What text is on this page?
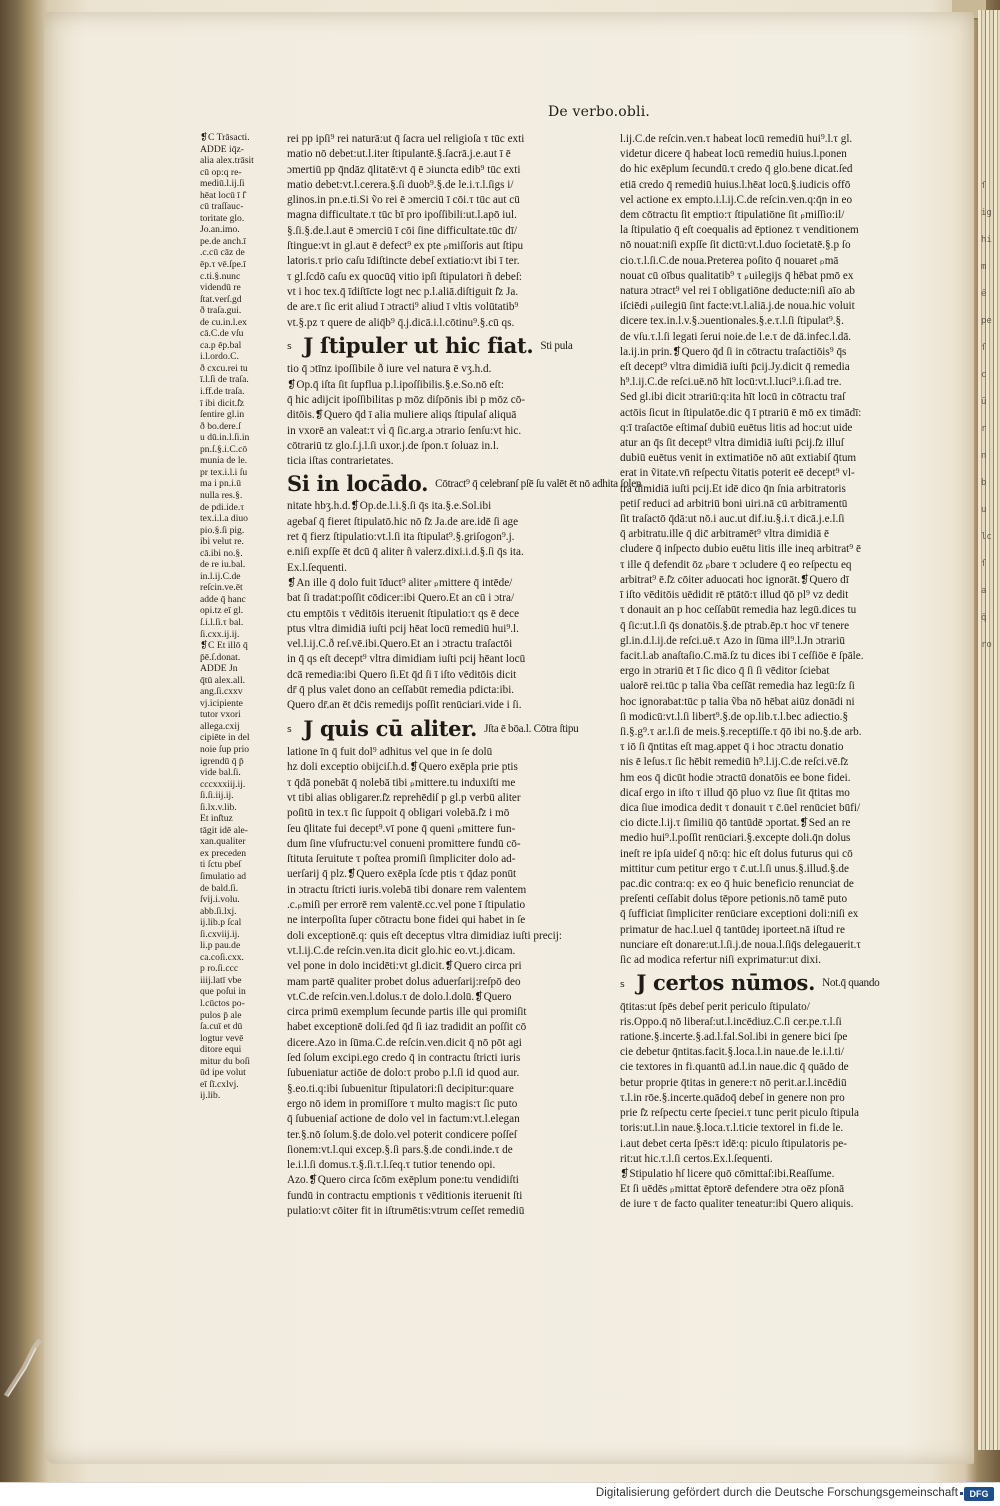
ſ
ig
hi
m
ē
pe
ſ
c
ū
r
n
b
u
lc
ſ
a
q̄
ro
De verbo.obli.

❡C Trāsacti.

ADDE iq̄z-

alia alex.trāsit

cū op:q re-

mediū.l.ij.ſi

hēat locū ī ſ̄

cū traſſauc-

toritate glo.

Jo.an.imo.

pe.de anch.ī

.c.cū cāz de

ēp.τ vē.ſpe.ī

c.ti.§.nunc

videndū re

ſtat.verſ.gd

ð traſa.gui.

de cu.in.l.ex

cā.C.de vſu

ca.p ēp.bal

i.l.ordo.C.

ð cxcu.rei tu

ī.l.ſi de traſa.

i.ff.de traſa.

ī ibi dicit.ſ̄z

ſentire gl.in

ð bo.dere.ſ

u dū.in.l.ſi.in

pn.ſ.§.i.C.cō

munia de le.

pr tex.i.l.i ſu

ma i pn.i.ū

nulla res.§.

de pdi.ide.τ

tex.i.l.a diuo

pio.§.ſi pig.

ibi velut re.

cā.ibi no.§.

de re iu.bal.

in.l.ij.C.de

reſcin.ve.ēt

adde q̄ hanc

opi.tz eī gl.

ſ.i.l.ſi.τ bal.

ſi.cxx.ij.ij.

❡C Et illō q̄

p̄ē.ſ.donat.

ADDE Jn

q̄tū alex.all.

ang.ſi.cxxv

vj.icipiente

tutor vxori

allega.cxij

cipiēte in del

noie ſup prio

igrendū q̄ p̄

vide bal.ſi.

cccxxxiij.ij.

ſi.ſi.iij.ij.

ſi.lx.v.lib.

Et inſ̄tuz

tāgit idē ale-

xan.qualiter

ex preceden

ti ſctu pbeſ

ſimulatio ad

de bald.ſi.

ſvij.i.volu.

abb.ſi.lxj.

ij.lib.p ſcal

ſi.cxviij.ij.

li.p pau.de

ca.coſi.cxx.

p ro.ſi.ccc

iiij.latī vbe

que poſui in

l.cūctos po-

pulos p̄ ale

ſa.cuī et dū

logtur vevē

ditore equi

mitur du boſi

ūd ipe volut

eī ſī.cxlvj.

ij.lib.

rei pp ipſi⁹ rei naturā:ut q̄ ſacra uel religioſa τ tūc exti

matio nō debet:ut.l.iter ſtipulantē.§.ſacrā.j.e.aut ī ē

ɔmertiū pp q̄ndāz q̄litatē:vt q̄ ē ɔiuncta edib⁹ tūc exti

matio debet:vt.l.cerera.§.ſi duob⁹.§.de le.i.τ.l.ſigs i/

glinos.in pn.e.ti.Si ṽo rei ē ɔmerciū ī cōi.τ tūc aut cū

magna difficultate.τ tūc bī pro ipoſſibili:ut.l.apō iul.

§.ſi.§.de.l.aut ē ɔmerciū ī cōi ſine difficultate.tūc dī/

ſtingue:vt in gl.aut ē defect⁹ ex pte ₚmiſſoris aut ſtipu

latoris.τ prio caſu īdiſtincte debeſ extiatio:vt ibi ī ter.

τ gl.ſcdō caſu ex quocūq̄ vitio ipſi ſtipulatori ñ debeſ:

vt i hoc tex.q̄ īdiſtīcte logt nec p.l.aliā.diſtiguit ſ̄z Ja.

de are.τ ſic erit aliud ī ɔtracti⁹ aliud ī vltis volūtatib⁹

vt.§.pz τ quere de aliq̄b⁹ q̄.j.dicā.i.l.cōtinu⁹.§.cū qs.

s J ſtipuler ut hic fiat. $^{Sti pula}$

tio q̄ ɔtīnz ipoſſibile ð iure vel natura ē vʒ.h.d.

❡Op.q̄ iſta ſit ſupflua p.l.ipoſſibilis.§.e.So.nō eſt:

q̄ hic adijcit ipoſſibilitas p mōz diſpōnis ibi p mōz cō-

ditōis.❡Quero q̄d ī alia muliere aliqs ſtipulaſ aliquā

in vxorē an valeat:τ vi̇ q̄ ſic.arg.a ɔtrario ſenſu:vt hic.

cōtrariū tz glo.ſ.j.l.ſi uxor.j.de ſpon.τ ſoluaz in.l.

ticia iſtas contrarietates.

Si in locādo. $^{Cōtract^9 q̄ celebranſ pſē ſu valēt ēt nō adhita ſolen}$

nitate hbʒ.h.d.❡Op.de.l.i.§.ſi q̄s ita.§.e.Sol.ibi

agebaſ q̄ fieret ſtipulatō.hic nō ſ̄z Ja.de are.idē ſi age

ret q̄ fierz ſtipulatio:vt.l.ſi ita ſtipulat⁹.§.griſogon⁹.j.

e.niſi expſſe ēt dcū q̄ aliter ñ valerz.dixi.i.d.§.ſi q̄s ita.

Ex.l.ſequenti.

❡An ille q̄ dolo fuit īduct⁹ aliter ₚmittere q̄ intēde/

bat ſi tradat:poſſit cōdicer:ibi Quero.Et an cū i ɔtra/

ctu emptōis τ vēditōis iteruenit ſtipulatio:τ qs ē dece

ptus vltra dimidiā iuſti pcij hēat locū remediū hui⁹.l.

vel.l.ij.C.ð reſ.vē.ibi.Quero.Et an i ɔtractu traſactōi

in q̄ qs eſt decept⁹ vltra dimidiam iuſti pcij hēant locū

dcā remedia:ibi Quero ſi.Et q̄d ſi ī iſto vēditōis dicit

dr̄ q̄ plus valet dono an ceſſabūt remedia pdicta:ibi.

Quero dr̄.an ēt dc̄is remedijs poſſit renūciari.vide i ſi.

s J quis cū aliter. $^{Jſta ē bōa.l. Cōtra ſtipu}$

latione īn q̄ fuit dol⁹ adhitus vel que in ſe dolū

hz doli exceptio obijciſ.h.d.❡Quero exēpla prie ptis

τ q̄dā ponebāt q̄ nolebā tibi ₚmittere.tu induxiſti me

vt tibi alias obligarer.ſ̄z reprehēdiſ p gl.p verbū aliter

poſitū in tex.τ ſic ſuppoit q̄ obligari volebā.ſ̄z i mō

ſeu q̄litate fui decept⁹.vī pone q̄ queni ₚmittere fun-

dum ſine vſufructu:vel conueni promittere fundū cō-

ſtituta ſeruitute τ poſtea promiſi ſimpliciter dolo ad-

uerſarij q̄ plz.❡Quero exēpla ſcde ptis τ q̄daz ponūt

in ɔtractu ſtricti iuris.volebā tibi donare rem valentem

.c.ₚmiſi per errorē rem valentē.cc.vel pone ī ſtipulatio

ne interpoſita ſuper cōtractu bone fidei qui habet in ſe

doli exceptionē.q: quis eſt deceptus vltra dimidiaz iuſti precij:

vt.l.ij.C.de reſcin.ven.ita dicit glo.hic eo.vt.j.dicam.

vel pone in dolo incidēti:vt gl.dicit.❡Quero circa pri

mam partē qualiter probet dolus aduerſarij:reſpō deo

vt.C.de reſcin.ven.l.dolus.τ de dolo.l.dolū.❡Quero

circa primū exemplum ſecunde partis ille qui promiſit

habet exceptionē doli.ſed q̄d ſi iaz tradidit an poſſit cō

dicere.Azo in ſūma.C.de reſcin.ven.dicit q̄ nō pōt agi

ſed ſolum excipi.ego credo q̄ in contractu ſtricti iuris

ſubueniatur actiōe de dolo:τ probo p.l.ſi id quod aur.

§.eo.ti.q:ibi ſubuenitur ſtipulatori:ſi decipitur:quare

ergo nō idem in promiſſore τ multo magis:τ ſic puto

q̄ ſubueniaſ actione de dolo vel in factum:vt.l.elegan

ter.§.nō ſolum.§.de dolo.vel poterit condicere poſſeſ

ſionem:vt.l.qui excep.§.ſi pars.§.de condi.inde.τ de

le.i.l.ſi domus.τ.§.ſi.τ.l.ſeq.τ tutior tenendo opi.

Azo.❡Quero circa ſcōm exēplum pone:tu vendidiſti

fundū in contractu emptionis τ vēditionis iteruenit ſti

pulatio:vt cōiter fit in iſtrumētis:vtrum ceſſet remediū

l.ij.C.de reſcin.ven.τ habeat locū remediū hui⁹.l.τ gl.

videtur dicere q̄ habeat locū remediū huius.l.ponen

do hic exēplum ſecundū.τ credo q̄ glo.bene dicat.ſed

etiā credo q̄ remediū huius.l.hēat locū.§.iudicis offō

vel actione ex empto.i.l.ij.C.de reſcin.ven.q:q̄n in eo

dem cōtractu ſit emptio:τ ſtipulatiōne ſit ₚmiſſio:il/

la ſtipulatio q̄ eſt coequalis ad ēptionez τ venditionem

nō nouat:niſi expſſe ſit dictū:vt.l.duo ſocietatē.§.p ſo

cio.τ.l.ſi.C.de noua.Preterea poſito q̄ nouaret ₚmā

nouat cū oībus qualitatib⁹ τ ₚuilegijs q̄ hēbat pmō ex

natura ɔtract⁹ vel rei ī obligatiōne deducte:niſi aīo ab

iſciēdi ₚuilegiū ſint facte:vt.l.aliā.j.de noua.hic voluit

dicere tex.in.l.v.§.ɔuentionales.§.e.τ.l.ſi ſtipulat⁹.§.

de vſu.τ.l.ſi legati ſerui noie.de l.e.τ de dā.infec.l.dā.

la.ij.in prin.❡Quero q̄d ſi in cōtractu traſactiōis⁹ q̄s

eſt decept⁹ vltra dimidiā iuſti p̄cij.Jy.dicit q̄ remedia

h⁹.l.ij.C.de reſci.uē.nō hīt locū:vt.l.luci⁹.i.ſi.ad tre.

Sed gl.ibi dicit ɔtrariū:q:ita hīt locū in cōtractu traſ

actōis ſicut in ſtipulatōe.dic q̄ ī ptrariū ē mō ex timādī:

q:ī traſactōe eſtimaſ dubiū euētus litis ad hoc:ut uide

atur an q̄s ſit decept⁹ vltra dimidiā iuſti p̄cij.ſ̄z illuſ

dubiū euētus venit in extimatiōe nō aūt extiabiſ q̄tum

erat in ṽitate.vn̄ reſpectu ṽitatis poterit eē decept⁹ vl-

tra dimidiā iuſti pcij.Et idē dico q̄n ſnia arbitratoris

petiſ reduci ad arbitriū boni uiri.nā cū arbitramentū

ſit traſactō q̄dā:ut nō.i auc.ut dif.iu.§.i.τ dicā.j.e.l.ſi

q̄ arbitratu.ille q̄ dic̄ arbitramēt⁹ vltra dimidiā ē

cludere q̄ inſpecto dubio euētu litis ille ineq arbitrat⁹ ē

τ ille q̄ defendit ōz ₚbare τ ɔcludere q̄ eo reſpectu eq

arbitrat⁹ ē.ſ̄z cōiter aduocati hoc ignorāt.❡Quero dī

ī iſto vēditōis uēdidit rē ptātō:τ illud q̄ō pl⁹ vz dedit

τ donauit an p hoc ceſſabūt remedia haz legū.dices tu

q̄ ſic:ut.l.ſi q̄s donatōis.§.de ptrab.ēp.τ hoc vr̄ tenere

gl.in.d.l.ij.de reſci.uē.τ Azo in ſūma ill⁹.l.Jn ɔtrariū

facit.l.ab anaſtaſio.C.mā.ſz tu dices ibi ī ceſſiōe ē ſpāle.

ergo in ɔtrariū ēt ī ſic dico q̄ ſi ſi vēditor ſciebat

ualorē rei.tūc p talia ṽba ceſſāt remedia haz legū:ſz ſi

hoc ignorabat:tūc p talia ṽba nō hēbat aiūz donādi ni

ſi modicū:vt.l.ſi libert⁹.§.de op.lib.τ.l.bec adiectio.§

ſi.§.g⁹.τ ar.l.ſi de meis.§.receptiſſe.τ q̄ō ibi no.§.de arb.

τ iō ſi q̄ntitas eſt mag.appet q̄ i hoc ɔtractu donatio

nis ē leſus.τ ſic hēbit remediū h⁹.l.ij.C.de reſci.vē.ſ̄z

hm eos q̄ dicūt hodie ɔtractū donatōis ee bone fidei.

dicaſ ergo in iſto τ illud q̄ō pluo vz ſiue ſit q̄titas mo

dica ſiue imodica dedit τ donauit τ c̄.ūel renūciet būfi/

cio dicte.l.ij.τ ſimiliū q̄ō tantūdē ɔportat.❡Sed an re

medio hui⁹.l.poſſit renūciari.§.excepte doli.q̄n dolus

ineſt re ipſa uideſ q̄ nō:q: hic eſt dolus futurus qui cō

mittitur cum petitur ergo τ c̄.ut.l.ſi unus.§.illud.§.de

pac.dic contra:q: ex eo q̄ huic beneficio renunciat de

preſenti ceſſabit dolus tēpore petionis.nō tamē puto

q̄ ſufficiat ſimpliciter renūciare exceptioni doli:niſi ex

primatur de hac.l.uel q̄ tantūdeȷ iporteet.nā iſtud re

nunciare eſt donare:ut.l.ſi.j.de noua.l.ſiq̄s delegauerit.τ

ſic ad modica refertur niſi exprimatur:ut dixi.

s J certos nūmos. $^{Not.q̄ quando}$

q̄titas:ut ſpēs debeſ perit periculo ſtipulato/

ris.Oppo.q̄ nō liberaſ:ut.l.incēdiuz.C.ſi cer.pe.τ.l.ſi

ratione.§.incerte.§.ad.l.fal.Sol.ibi in genere bici ſpe

cie debetur q̄ntitas.facit.§.loca.l.in naue.de le.i.l.ti/

cie textores in fi.quantū ad.l.in naue.dic q̄ quādo de

betur proprie q̄titas in genere:τ nō perit.ar.l.incēdiū

τ.l.in rōe.§.incerte.quādoq̄ debeſ in genere non pro

prie ſ̄z reſpectu certe ſpeciei.τ tunc perit piculo ſtipula

toris:ut.l.in naue.§.loca.τ.l.ticie textorel in fi.de le.

i.aut debet certa ſpēs:τ idē:q: piculo ſtipulatoris pe-

rit:ut hic.τ.l.ſi certos.Ex.l.ſequenti.

❡Stipulatio hſ licere quō cōmittaſ:ibi.Reaſſume.

Et ſi uēdēs ₚmittat ēptorē defendere ɔtra oēz pſonā

de iure τ de facto qualiter teneatur:ibi Quero aliquis.

Digitalisierung gefördert durch die Deutsche Forschungsgemeinschaft	DFG
